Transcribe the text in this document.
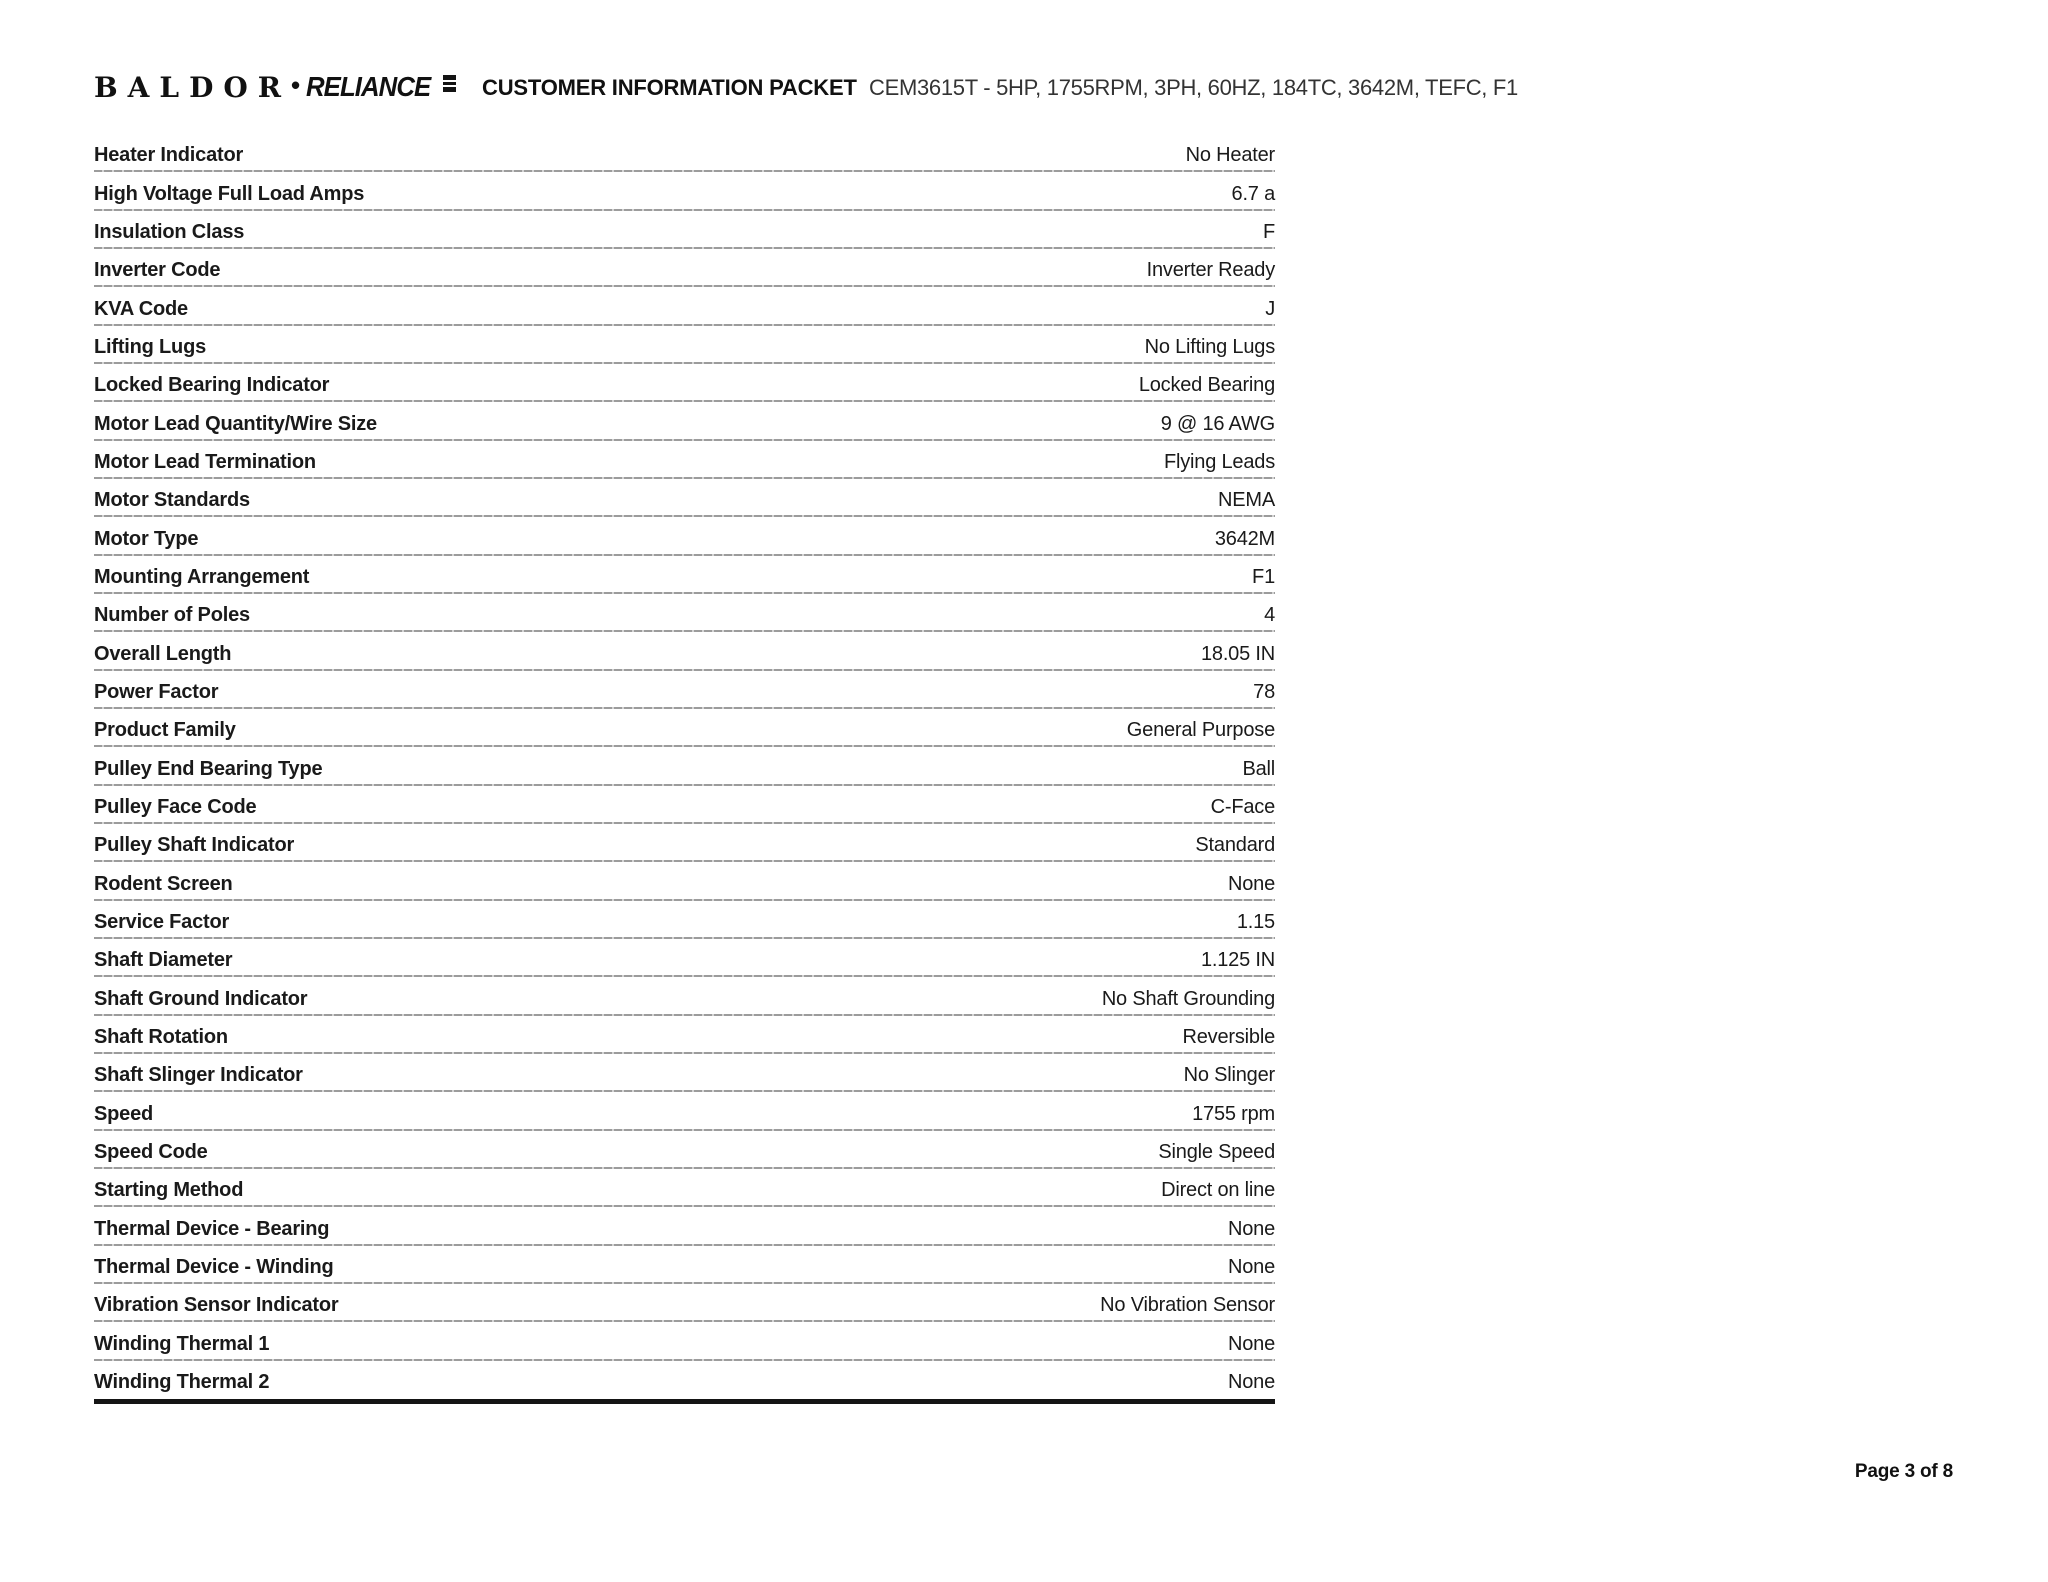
BALDOR • RELIANCE CUSTOMER INFORMATION PACKET CEM3615T - 5HP, 1755RPM, 3PH, 60HZ, 184TC, 3642M, TEFC, F1
Heater Indicator	No Heater
High Voltage Full Load Amps	6.7 a
Insulation Class	F
Inverter Code	Inverter Ready
KVA Code	J
Lifting Lugs	No Lifting Lugs
Locked Bearing Indicator	Locked Bearing
Motor Lead Quantity/Wire Size	9 @ 16 AWG
Motor Lead Termination	Flying Leads
Motor Standards	NEMA
Motor Type	3642M
Mounting Arrangement	F1
Number of Poles	4
Overall Length	18.05 IN
Power Factor	78
Product Family	General Purpose
Pulley End Bearing Type	Ball
Pulley Face Code	C-Face
Pulley Shaft Indicator	Standard
Rodent Screen	None
Service Factor	1.15
Shaft Diameter	1.125 IN
Shaft Ground Indicator	No Shaft Grounding
Shaft Rotation	Reversible
Shaft Slinger Indicator	No Slinger
Speed	1755 rpm
Speed Code	Single Speed
Starting Method	Direct on line
Thermal Device - Bearing	None
Thermal Device - Winding	None
Vibration Sensor Indicator	No Vibration Sensor
Winding Thermal 1	None
Winding Thermal 2	None
Page 3 of 8
